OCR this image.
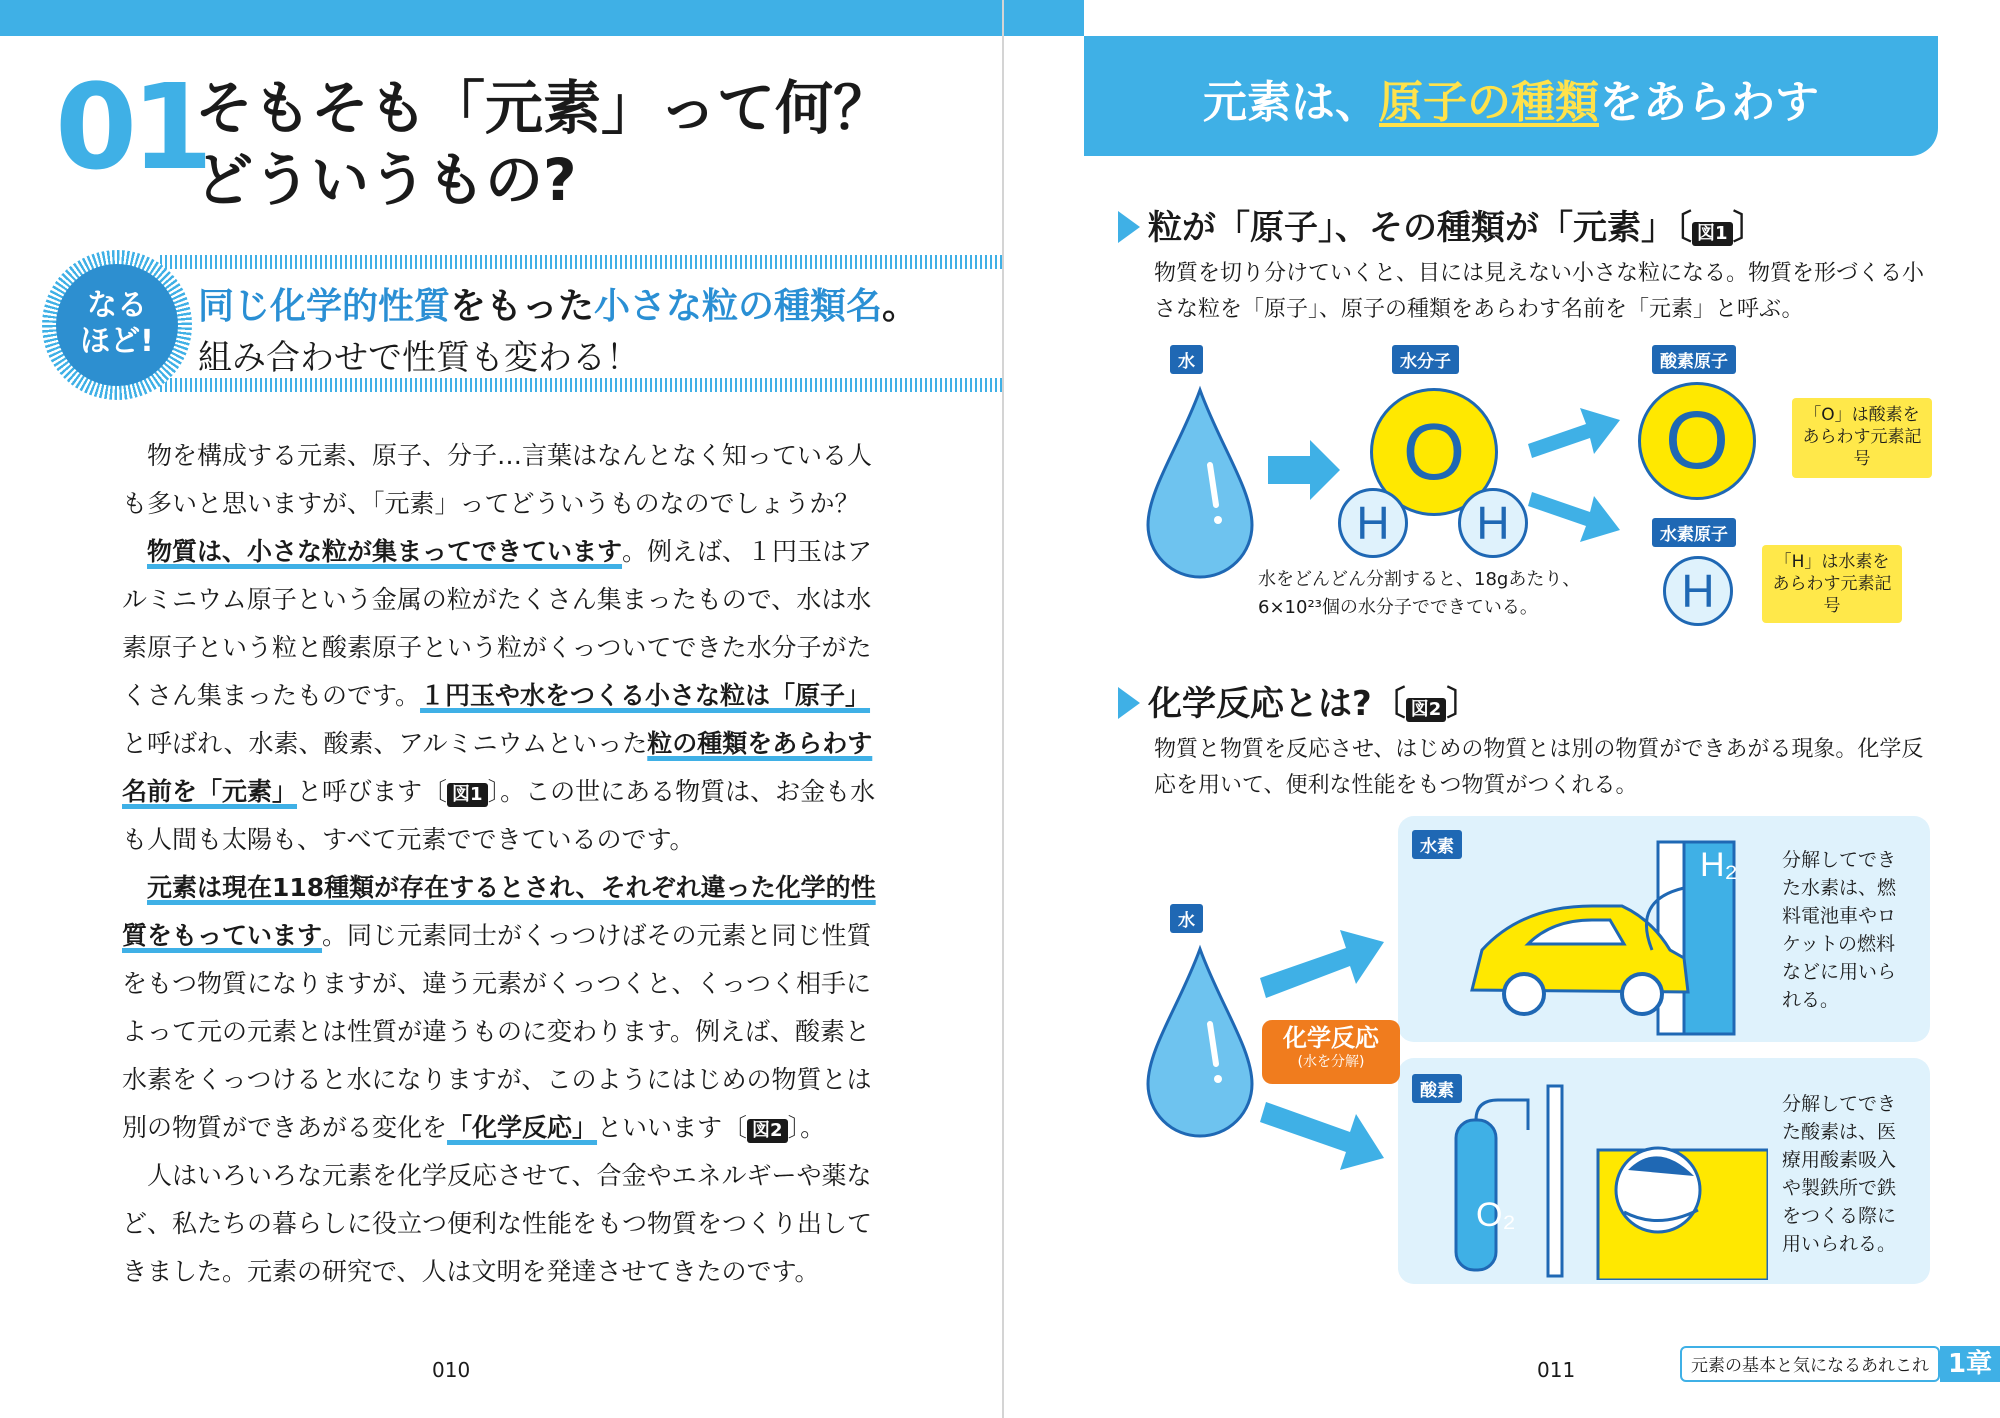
01
そもそも「元素」って何？
どういうもの?
なる
ほど!
同じ化学的性質をもった小さな粒の種類名。
組み合わせで性質も変わる！

物を構成する元素、原子、分子…言葉はなんとなく知っている人も多いと思いますが、「元素」ってどういうものなのでしょうか？

物質は、小さな粒が集まってできています。例えば、１円玉はアルミニウム原子という金属の粒がたくさん集まったもので、水は水素原子という粒と酸素原子という粒がくっついてできた水分子がたくさん集まったものです。１円玉や水をつくる小さな粒は「原子」と呼ばれ、水素、酸素、アルミニウムといった粒の種類をあらわす名前を「元素」と呼びます〔 図1 〕。この世にある物質は、お金も水も人間も太陽も、すべて元素でできているのです。

元素は現在118種類が存在するとされ、それぞれ違った化学的性質をもっています。同じ元素同士がくっつけばその元素と同じ性質をもつ物質になりますが、違う元素がくっつくと、くっつく相手によって元の元素とは性質が違うものに変わります。例えば、酸素と水素をくっつけると水になりますが、このようにはじめの物質とは別の物質ができあがる変化を「化学反応」といいます〔 図2 〕。

人はいろいろな元素を化学反応させて、合金やエネルギーや薬など、私たちの暮らしに役立つ便利な性能をもつ物質をつくり出してきました。元素の研究で、人は文明を発達させてきたのです。

010
元素は、原子の種類をあらわす
粒が「原子」、その種類が「元素」〔 図1 〕
物質を切り分けていくと、目には見えない小さな粒になる。物質を形づくる小さな粒を「原子」、原子の種類をあらわす名前を「元素」と呼ぶ。
水	水分子
O
H	H
酸素原子
O	「O」は酸素をあらわす元素記号
水素原子
H
「H」は水素をあらわす元素記号
水をどんどん分割すると、18gあたり、
6×10²³個の水分子でできている。
化学反応とは?〔 図2 〕
物質と物質を反応させ、はじめの物質とは別の物質ができあがる現象。化学反応を用いて、便利な性能をもつ物質がつくれる。
水素
酸素
H₂ 分解してできた水素は、燃料電池車やロケットの燃料などに用いられる。
O₂
分解してできた酸素は、医療用酸素吸入や製鉄所で鉄をつくる際に用いられる。
水
化学反応
(水を分解)
011	元素の基本と気になるあれこれ 1章
